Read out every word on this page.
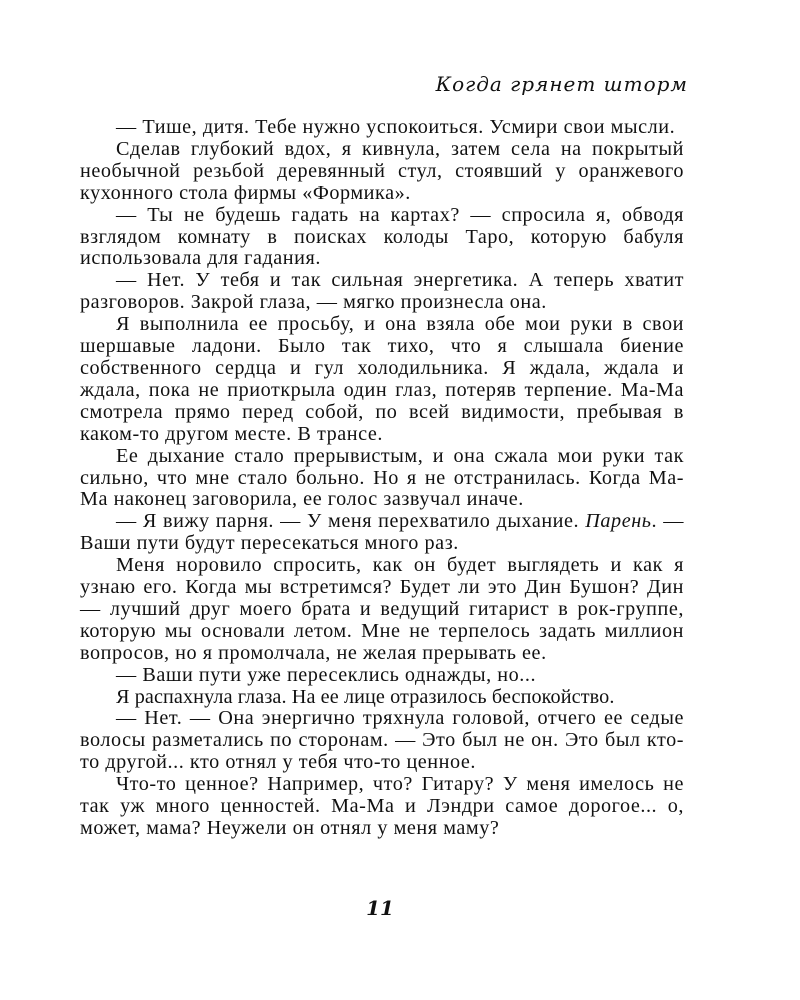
Когда грянет шторм

— Тише, дитя. Тебе нужно успокоиться. Усмири свои мысли.

Сделав глубокий вдох, я кивнула, затем села на покрытый необычной резьбой деревянный стул, стоявший у оранжевого кухонного стола фирмы «Формика».

— Ты не будешь гадать на картах? — спросила я, обводя взглядом комнату в поисках колоды Таро, которую бабуля использовала для гадания.

— Нет. У тебя и так сильная энергетика. А теперь хватит разговоров. Закрой глаза, — мягко произнесла она.

Я выполнила ее просьбу, и она взяла обе мои руки в свои шершавые ладони. Было так тихо, что я слышала биение собственного сердца и гул холодильника. Я ждала, ждала и ждала, пока не приоткрыла один глаз, потеряв терпение. Ма-Ма смотрела прямо перед собой, по всей видимости, пребывая в каком-то другом месте. В трансе.

Ее дыхание стало прерывистым, и она сжала мои руки так сильно, что мне стало больно. Но я не отстранилась. Когда Ма-Ма наконец заговорила, ее голос зазвучал иначе.

— Я вижу парня. — У меня перехватило дыхание. Парень. — Ваши пути будут пересекаться много раз.

Меня норовило спросить, как он будет выглядеть и как я узнаю его. Когда мы встретимся? Будет ли это Дин Бушон? Дин — лучший друг моего брата и ведущий гитарист в рок-группе, которую мы основали летом. Мне не терпелось задать миллион вопросов, но я промолчала, не желая прерывать ее.

— Ваши пути уже пересеклись однажды, но...

Я распахнула глаза. На ее лице отразилось беспокойство.

— Нет. — Она энергично тряхнула головой, отчего ее седые волосы разметались по сторонам. — Это был не он. Это был кто-то другой... кто отнял у тебя что-то ценное.

Что-то ценное? Например, что? Гитару? У меня имелось не так уж много ценностей. Ма-Ма и Лэндри самое дорогое... о, может, мама? Неужели он отнял у меня маму?

11
